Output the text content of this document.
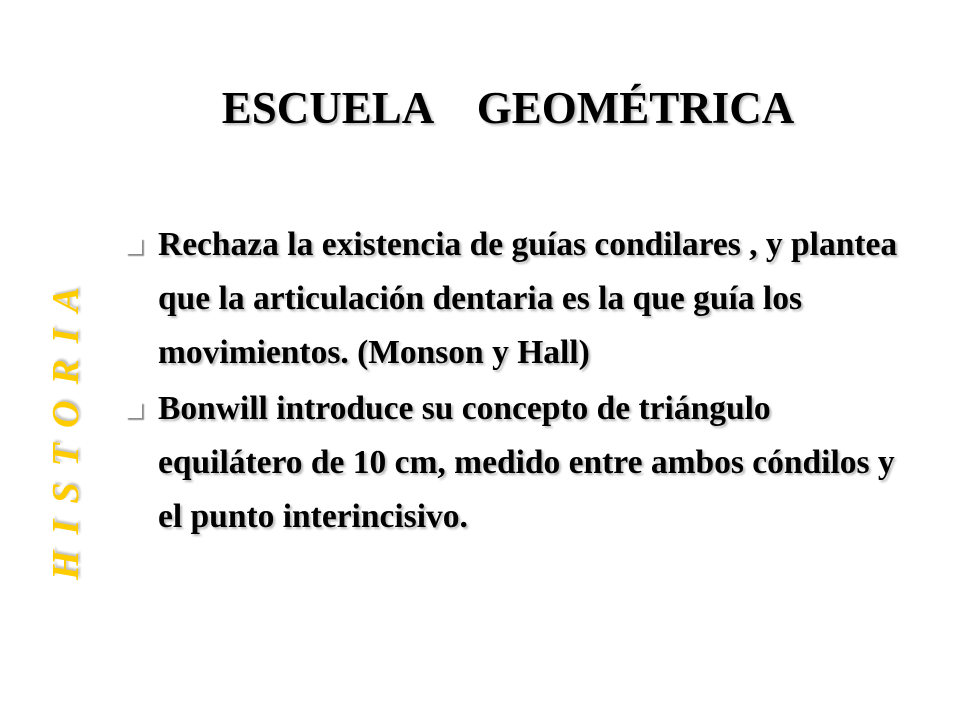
ESCUELA    GEOMÉTRICA
HISTORIA
Rechaza la existencia de guías condilares , y plantea que la articulación dentaria es la que guía los movimientos. (Monson y Hall)
Bonwill introduce su concepto de triángulo equilátero de 10 cm, medido entre ambos cóndilos y el punto interincisivo.
